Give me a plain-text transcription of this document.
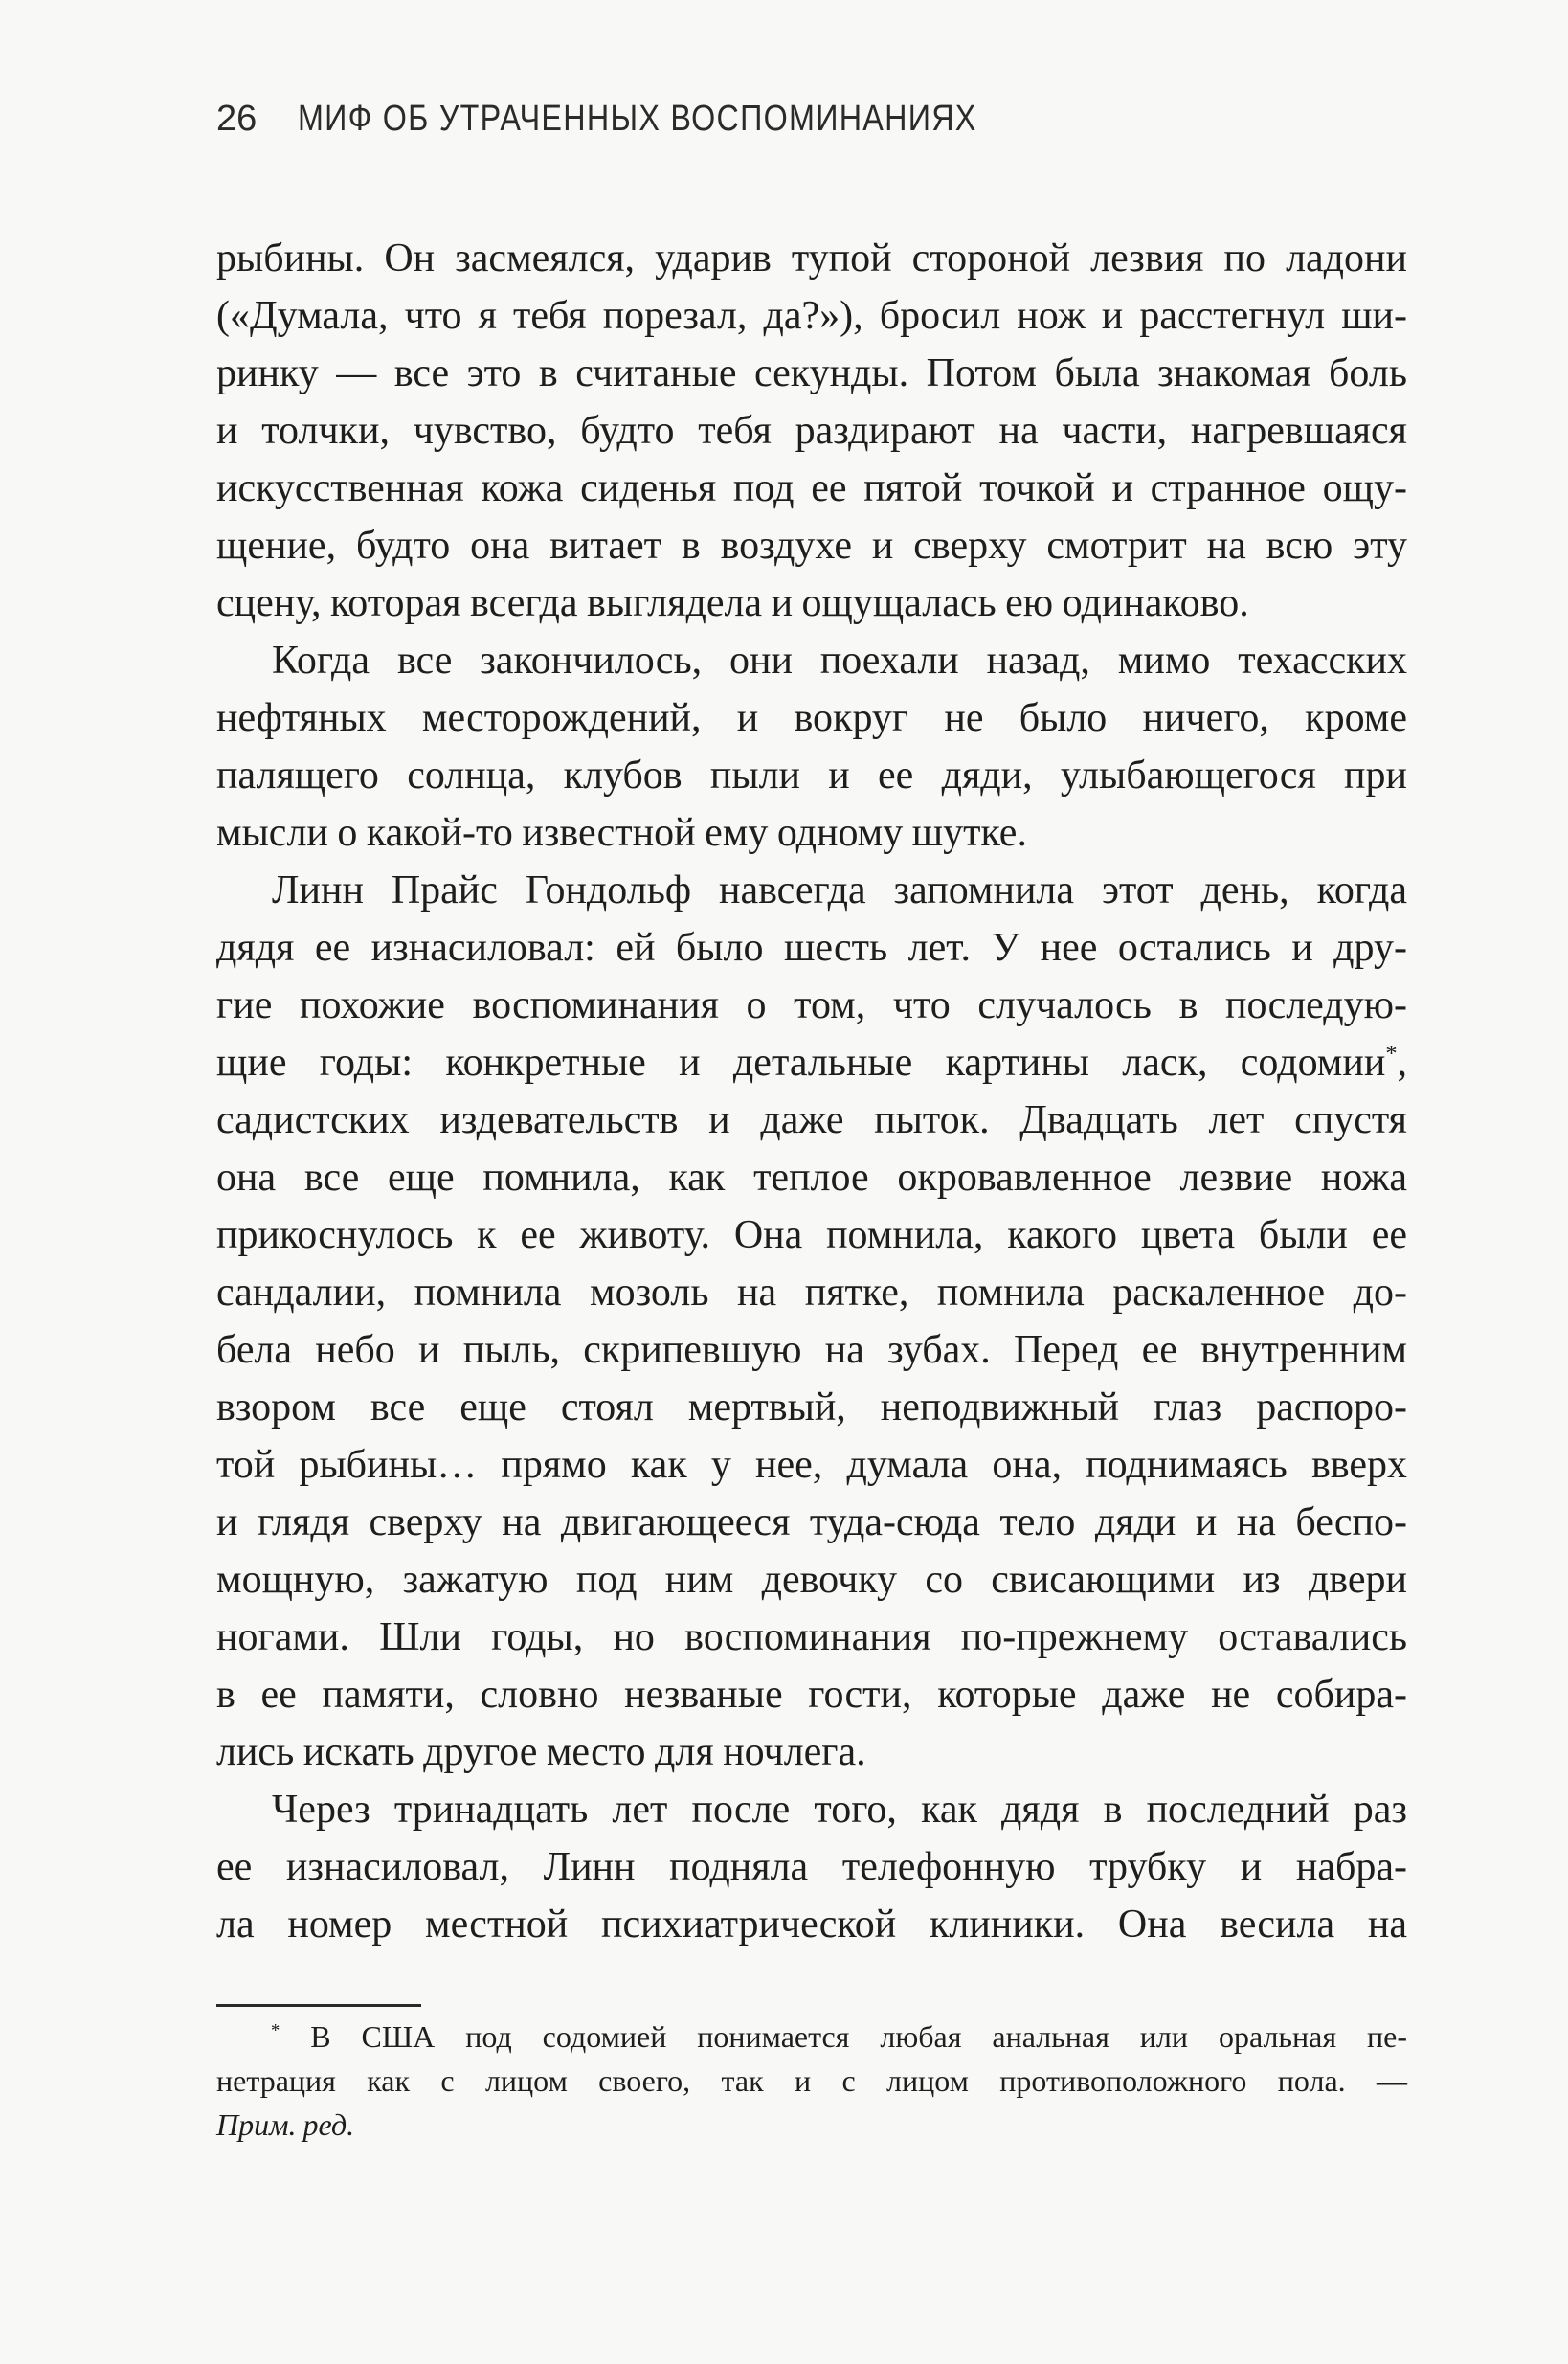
26 МИФ ОБ УТРАЧЕННЫХ ВОСПОМИНАНИЯХ
рыбины. Он засмеялся, ударив тупой стороной лезвия по ладони
(«Думала, что я тебя порезал, да?»), бросил нож и расстегнул ши-
ринку — все это в считаные секунды. Потом была знакомая боль
и толчки, чувство, будто тебя раздирают на части, нагревшаяся
искусственная кожа сиденья под ее пятой точкой и странное ощу-
щение, будто она витает в воздухе и сверху смотрит на всю эту
сцену, которая всегда выглядела и ощущалась ею одинаково.
Когда все закончилось, они поехали назад, мимо техасских
нефтяных месторождений, и вокруг не было ничего, кроме
палящего солнца, клубов пыли и ее дяди, улыбающегося при
мысли о какой-то известной ему одному шутке.
Линн Прайс Гондольф навсегда запомнила этот день, когда
дядя ее изнасиловал: ей было шесть лет. У нее остались и дру-
гие похожие воспоминания о том, что случалось в последую-
щие годы: конкретные и детальные картины ласк, содомии*,
садистских издевательств и даже пыток. Двадцать лет спустя
она все еще помнила, как теплое окровавленное лезвие ножа
прикоснулось к ее животу. Она помнила, какого цвета были ее
сандалии, помнила мозоль на пятке, помнила раскаленное до-
бела небо и пыль, скрипевшую на зубах. Перед ее внутренним
взором все еще стоял мертвый, неподвижный глаз распоро-
той рыбины… прямо как у нее, думала она, поднимаясь вверх
и глядя сверху на двигающееся туда-сюда тело дяди и на беспо-
мощную, зажатую под ним девочку со свисающими из двери
ногами. Шли годы, но воспоминания по-прежнему оставались
в ее памяти, словно незваные гости, которые даже не собира-
лись искать другое место для ночлега.
Через тринадцать лет после того, как дядя в последний раз
ее изнасиловал, Линн подняла телефонную трубку и набра-
ла номер местной психиатрической клиники. Она весила на
* В США под содомией понимается любая анальная или оральная пе-
нетрация как с лицом своего, так и с лицом противоположного пола. —
Прим. ред.
